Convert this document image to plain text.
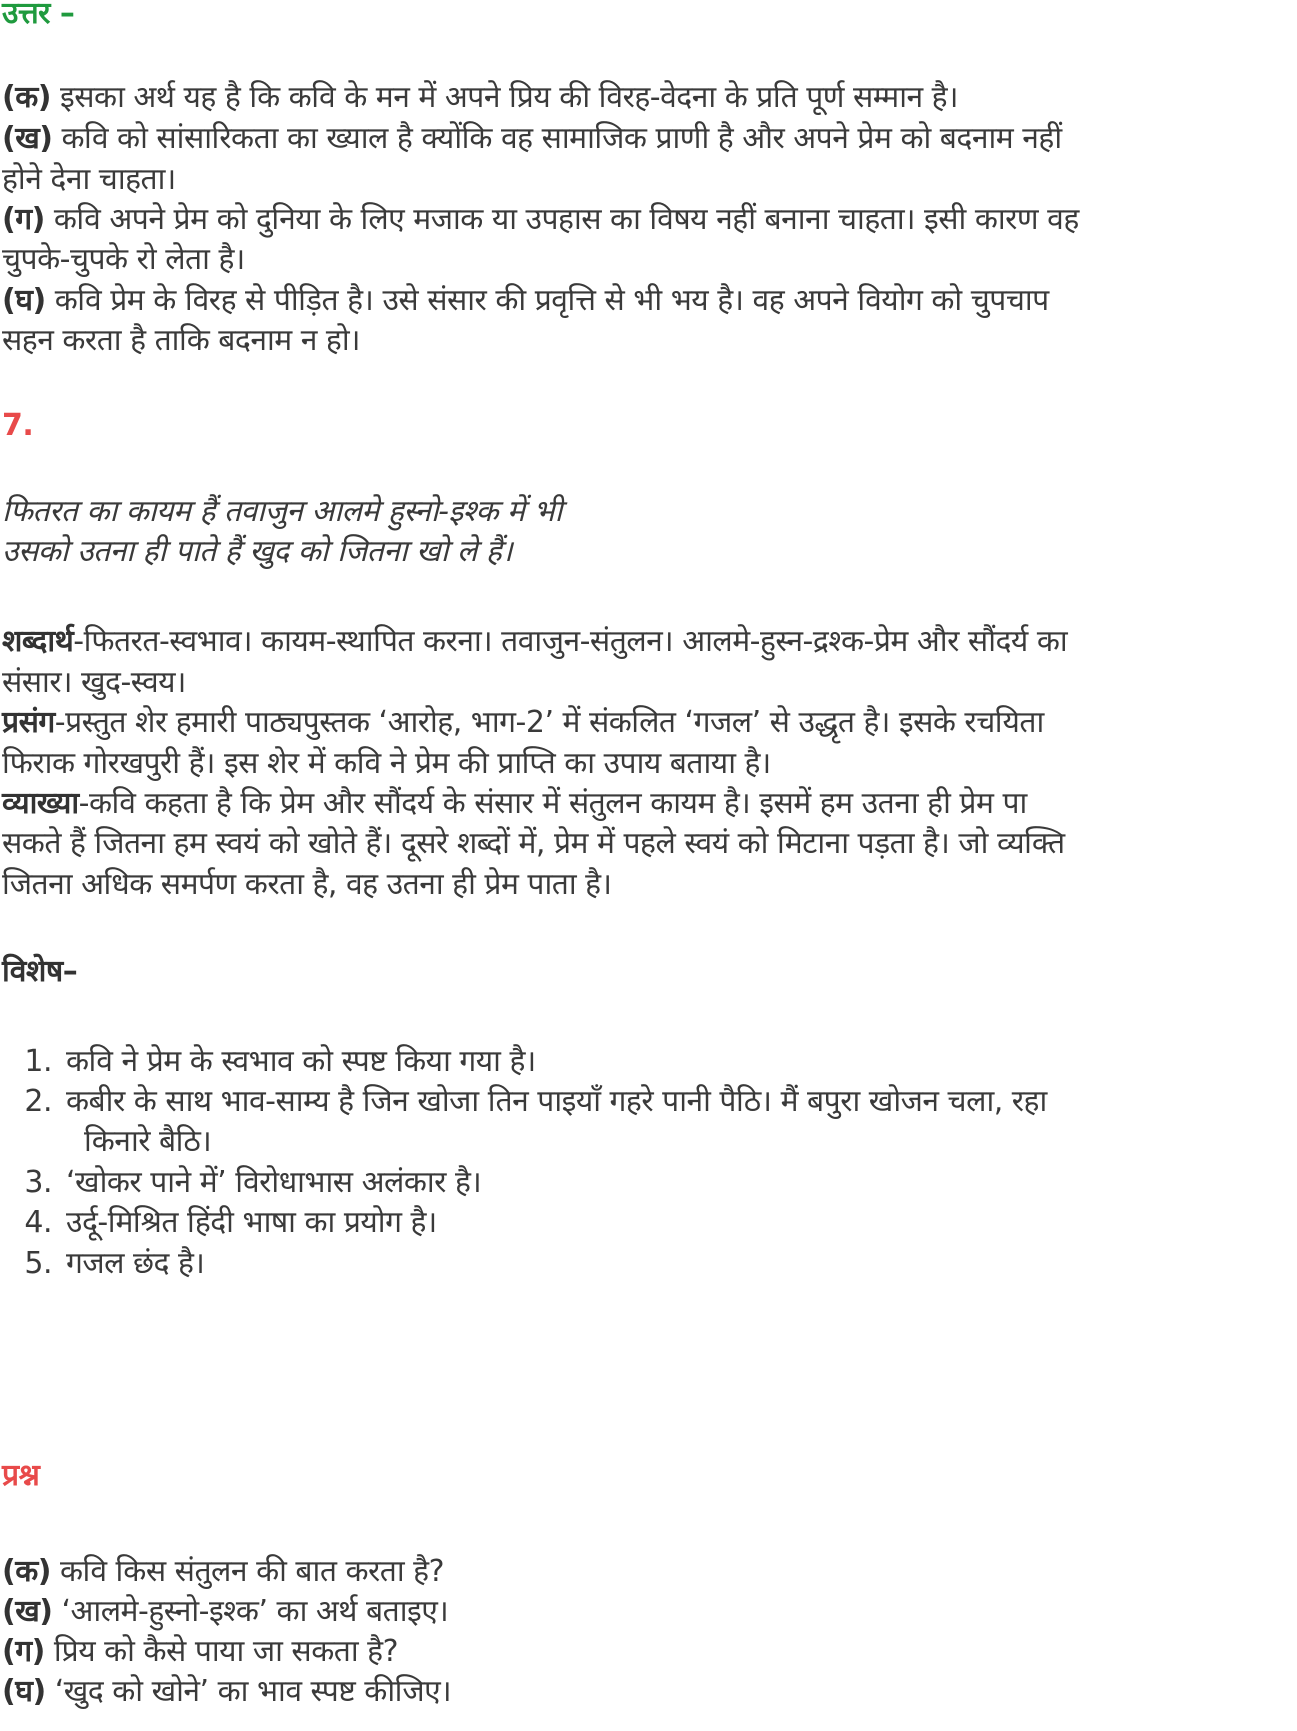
उत्तर –
(क) इसका अर्थ यह है कि कवि के मन में अपने प्रिय की विरह-वेदना के प्रति पूर्ण सम्मान है।
(ख) कवि को सांसारिकता का ख्याल है क्योंकि वह सामाजिक प्राणी है और अपने प्रेम को बदनाम नहीं
होने देना चाहता।
(ग) कवि अपने प्रेम को दुनिया के लिए मजाक या उपहास का विषय नहीं बनाना चाहता। इसी कारण वह
चुपके-चुपके रो लेता है।
(घ) कवि प्रेम के विरह से पीड़ित है। उसे संसार की प्रवृत्ति से भी भय है। वह अपने वियोग को चुपचाप
सहन करता है ताकि बदनाम न हो।
7.
फितरत का कायम हैं तवाजुन आलमे हुस्नो-इश्क में भी
उसको उतना ही पाते हैं खुद को जितना खो ले हैं।
शब्दार्थ-फितरत-स्वभाव। कायम-स्थापित करना। तवाजुन-संतुलन। आलमे-हुस्न-द्रश्क-प्रेम और सौंदर्य का
संसार। खुद-स्वय।
प्रसंग-प्रस्तुत शेर हमारी पाठ्यपुस्तक ‘आरोह, भाग-2’ में संकलित ‘गजल’ से उद्धृत है। इसके रचयिता
फिराक गोरखपुरी हैं। इस शेर में कवि ने प्रेम की प्राप्ति का उपाय बताया है।
व्याख्या-कवि कहता है कि प्रेम और सौंदर्य के संसार में संतुलन कायम है। इसमें हम उतना ही प्रेम पा
सकते हैं जितना हम स्वयं को खोते हैं। दूसरे शब्दों में, प्रेम में पहले स्वयं को मिटाना पड़ता है। जो व्यक्ति
जितना अधिक समर्पण करता है, वह उतना ही प्रेम पाता है।
विशेष–
1. कवि ने प्रेम के स्वभाव को स्पष्ट किया गया है।
2. कबीर के साथ भाव-साम्य है जिन खोजा तिन पाइयाँ गहरे पानी पैठि। मैं बपुरा खोजन चला, रहा
किनारे बैठि।
3. ‘खोकर पाने में’ विरोधाभास अलंकार है।
4. उर्दू-मिश्रित हिंदी भाषा का प्रयोग है।
5. गजल छंद है।
प्रश्न
(क) कवि किस संतुलन की बात करता है?
(ख) ‘आलमे-हुस्नो-इश्क’ का अर्थ बताइए।
(ग) प्रिय को कैसे पाया जा सकता है?
(घ) ‘खुद को खोने’ का भाव स्पष्ट कीजिए।
